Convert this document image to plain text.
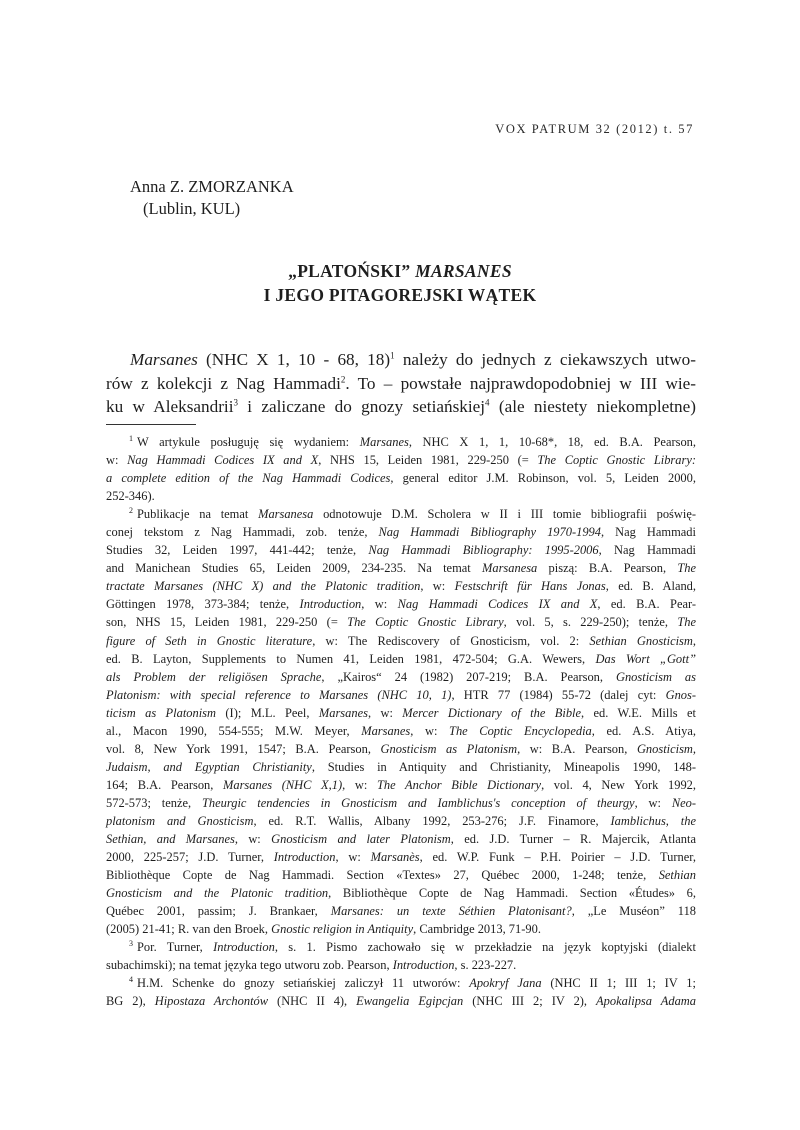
VOX PATRUM 32 (2012) t. 57
Anna Z. ZMORZANKA
(Lublin, KUL)
„PLATOŃSKI” MARSANES
I JEGO PITAGOREJSKI WĄTEK
Marsanes (NHC X 1, 10 - 68, 18)$^1$ należy do jednych z ciekawszych utwo-
rów z kolekcji z Nag Hammadi$^2$. To – powstałe najprawdopodobniej w III wie-
ku w Aleksandrii$^3$ i zaliczane do gnozy setiańskiej$^4$ (ale niestety niekompletne)
$^1$ W artykule posługuję się wydaniem: Marsanes, NHC X 1, 1, 10-68*, 18, ed. B.A. Pearson,
w: Nag Hammadi Codices IX and X, NHS 15, Leiden 1981, 229-250 (= The Coptic Gnostic Library:
a complete edition of the Nag Hammadi Codices, general editor J.M. Robinson, vol. 5, Leiden 2000,
252-346).
$^2$ Publikacje na temat Marsanesa odnotowuje D.M. Scholera w II i III tomie bibliografii poświę-
conej tekstom z Nag Hammadi, zob. tenże, Nag Hammadi Bibliography 1970-1994, Nag Hammadi
Studies 32, Leiden 1997, 441-442; tenże, Nag Hammadi Bibliography: 1995-2006, Nag Hammadi
and Manichean Studies 65, Leiden 2009, 234-235. Na temat Marsanesa piszą: B.A. Pearson, The
tractate Marsanes (NHC X) and the Platonic tradition, w: Festschrift für Hans Jonas, ed. B. Aland,
Göttingen 1978, 373-384; tenże, Introduction, w: Nag Hammadi Codices IX and X, ed. B.A. Pear-
son, NHS 15, Leiden 1981, 229-250 (= The Coptic Gnostic Library, vol. 5, s. 229-250); tenże, The
figure of Seth in Gnostic literature, w: The Rediscovery of Gnosticism, vol. 2: Sethian Gnosticism,
ed. B. Layton, Supplements to Numen 41, Leiden 1981, 472-504; G.A. Wewers, Das Wort „Gott”
als Problem der religiösen Sprache, „Kairos“ 24 (1982) 207-219; B.A. Pearson, Gnosticism as
Platonism: with special reference to Marsanes (NHC 10, 1), HTR 77 (1984) 55-72 (dalej cyt: Gnos-
ticism as Platonism (I); M.L. Peel, Marsanes, w: Mercer Dictionary of the Bible, ed. W.E. Mills et
al., Macon 1990, 554-555; M.W. Meyer, Marsanes, w: The Coptic Encyclopedia, ed. A.S. Atiya,
vol. 8, New York 1991, 1547; B.A. Pearson, Gnosticism as Platonism, w: B.A. Pearson, Gnosticism,
Judaism, and Egyptian Christianity, Studies in Antiquity and Christianity, Mineapolis 1990, 148-
164; B.A. Pearson, Marsanes (NHC X,1), w: The Anchor Bible Dictionary, vol. 4, New York 1992,
572-573; tenże, Theurgic tendencies in Gnosticism and Iamblichus's conception of theurgy, w: Neo-
platonism and Gnosticism, ed. R.T. Wallis, Albany 1992, 253-276; J.F. Finamore, Iamblichus, the
Sethian, and Marsanes, w: Gnosticism and later Platonism, ed. J.D. Turner – R. Majercik, Atlanta
2000, 225-257; J.D. Turner, Introduction, w: Marsanès, ed. W.P. Funk – P.H. Poirier – J.D. Turner,
Bibliothèque Copte de Nag Hammadi. Section «Textes» 27, Québec 2000, 1-248; tenże, Sethian
Gnosticism and the Platonic tradition, Bibliothèque Copte de Nag Hammadi. Section «Études» 6,
Québec 2001, passim; J. Brankaer, Marsanes: un texte Séthien Platonisant?, „Le Muséon” 118
(2005) 21-41; R. van den Broek, Gnostic religion in Antiquity, Cambridge 2013, 71-90.
$^3$ Por. Turner, Introduction, s. 1. Pismo zachowało się w przekładzie na język koptyjski (dialekt
subachimski); na temat języka tego utworu zob. Pearson, Introduction, s. 223-227.
$^4$ H.M. Schenke do gnozy setiańskiej zaliczył 11 utworów: Apokryf Jana (NHC II 1; III 1; IV 1;
BG 2), Hipostaza Archontów (NHC II 4), Ewangelia Egipcjan (NHC III 2; IV 2), Apokalipsa Adama
